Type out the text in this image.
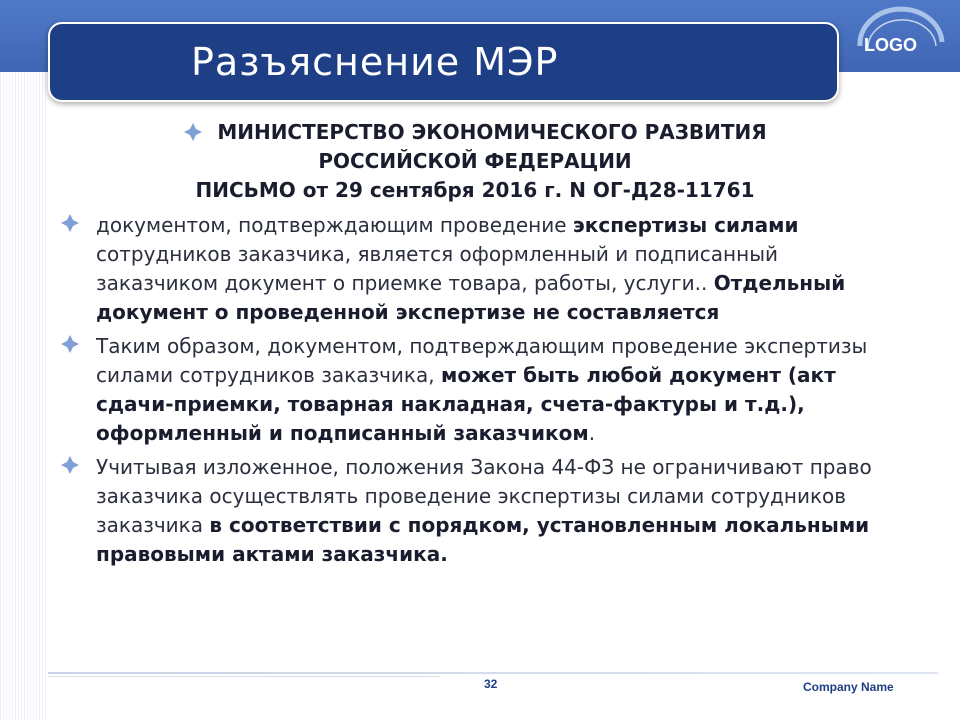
Разъяснение МЭР	LOGO
МИНИСТЕРСТВО ЭКОНОМИЧЕСКОГО РАЗВИТИЯ
РОССИЙСКОЙ ФЕДЕРАЦИИ
ПИСЬМО от 29 сентября 2016 г. N ОГ-Д28-11761
документом, подтверждающим проведение экспертизы силами сотрудников заказчика, является оформленный и подписанный заказчиком документ о приемке товара, работы, услуги.. Отдельный документ о проведенной экспертизе не составляется
Таким образом, документом, подтверждающим проведение экспертизы силами сотрудников заказчика, может быть любой документ (акт сдачи-приемки, товарная накладная, счета-фактуры и т.д.), оформленный и подписанный заказчиком.
Учитывая изложенное, положения Закона 44-ФЗ не ограничивают право заказчика осуществлять проведение экспертизы силами сотрудников заказчика в соответствии с порядком, установленным локальными правовыми актами заказчика.
32	Company Name
